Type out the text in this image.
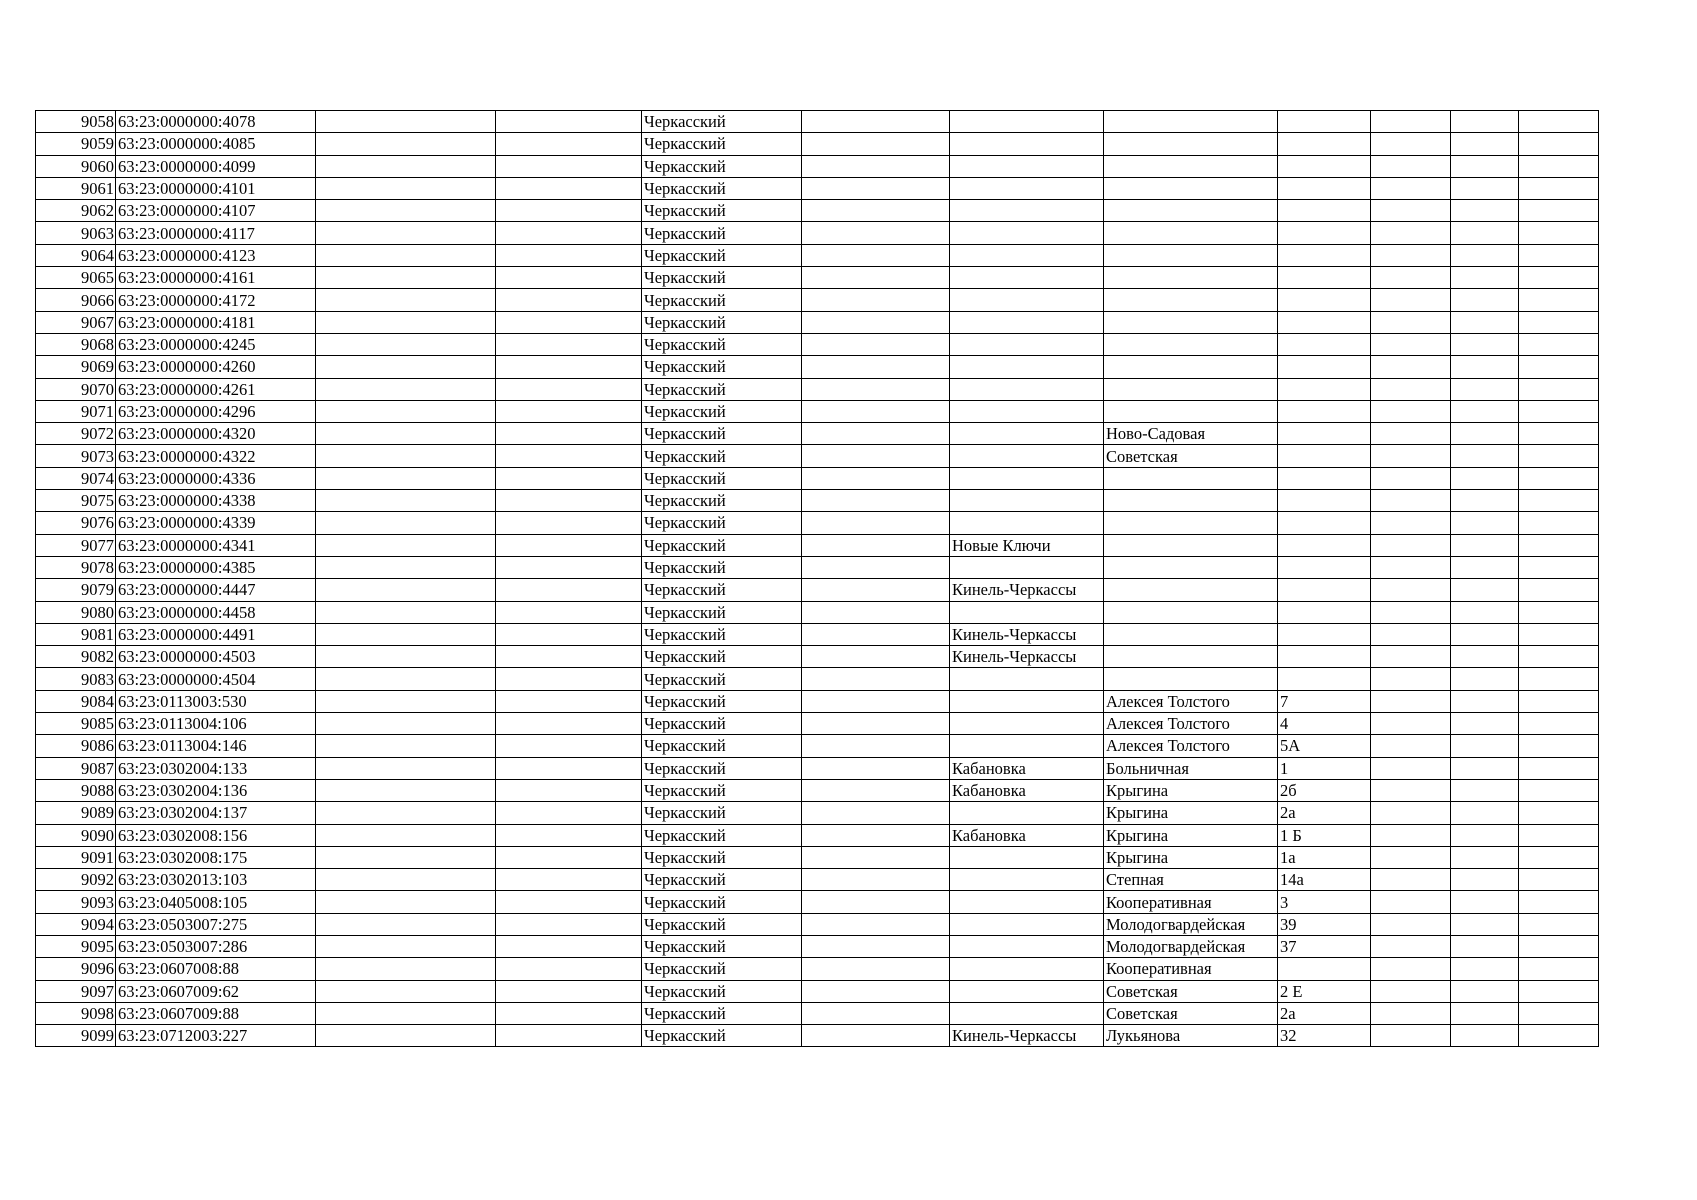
9058	63:23:0000000:4078			Черкасский							
9059	63:23:0000000:4085			Черкасский							
9060	63:23:0000000:4099			Черкасский							
9061	63:23:0000000:4101			Черкасский							
9062	63:23:0000000:4107			Черкасский							
9063	63:23:0000000:4117			Черкасский							
9064	63:23:0000000:4123			Черкасский							
9065	63:23:0000000:4161			Черкасский							
9066	63:23:0000000:4172			Черкасский							
9067	63:23:0000000:4181			Черкасский							
9068	63:23:0000000:4245			Черкасский							
9069	63:23:0000000:4260			Черкасский							
9070	63:23:0000000:4261			Черкасский							
9071	63:23:0000000:4296			Черкасский							
9072	63:23:0000000:4320			Черкасский			Ново-Садовая				
9073	63:23:0000000:4322			Черкасский			Советская				
9074	63:23:0000000:4336			Черкасский							
9075	63:23:0000000:4338			Черкасский							
9076	63:23:0000000:4339			Черкасский							
9077	63:23:0000000:4341			Черкасский		Новые Ключи					
9078	63:23:0000000:4385			Черкасский							
9079	63:23:0000000:4447			Черкасский		Кинель-Черкассы					
9080	63:23:0000000:4458			Черкасский							
9081	63:23:0000000:4491			Черкасский		Кинель-Черкассы					
9082	63:23:0000000:4503			Черкасский		Кинель-Черкассы					
9083	63:23:0000000:4504			Черкасский							
9084	63:23:0113003:530			Черкасский			Алексея Толстого	7			
9085	63:23:0113004:106			Черкасский			Алексея Толстого	4			
9086	63:23:0113004:146			Черкасский			Алексея Толстого	5А			
9087	63:23:0302004:133			Черкасский		Кабановка	Больничная	1			
9088	63:23:0302004:136			Черкасский		Кабановка	Крыгина	2б			
9089	63:23:0302004:137			Черкасский			Крыгина	2а			
9090	63:23:0302008:156			Черкасский		Кабановка	Крыгина	1 Б			
9091	63:23:0302008:175			Черкасский			Крыгина	1а			
9092	63:23:0302013:103			Черкасский			Степная	14а			
9093	63:23:0405008:105			Черкасский			Кооперативная	3			
9094	63:23:0503007:275			Черкасский			Молодогвардейская	39			
9095	63:23:0503007:286			Черкасский			Молодогвардейская	37			
9096	63:23:0607008:88			Черкасский			Кооперативная				
9097	63:23:0607009:62			Черкасский			Советская	2 Е			
9098	63:23:0607009:88			Черкасский			Советская	2а			
9099	63:23:0712003:227			Черкасский		Кинель-Черкассы	Лукьянова	32			
